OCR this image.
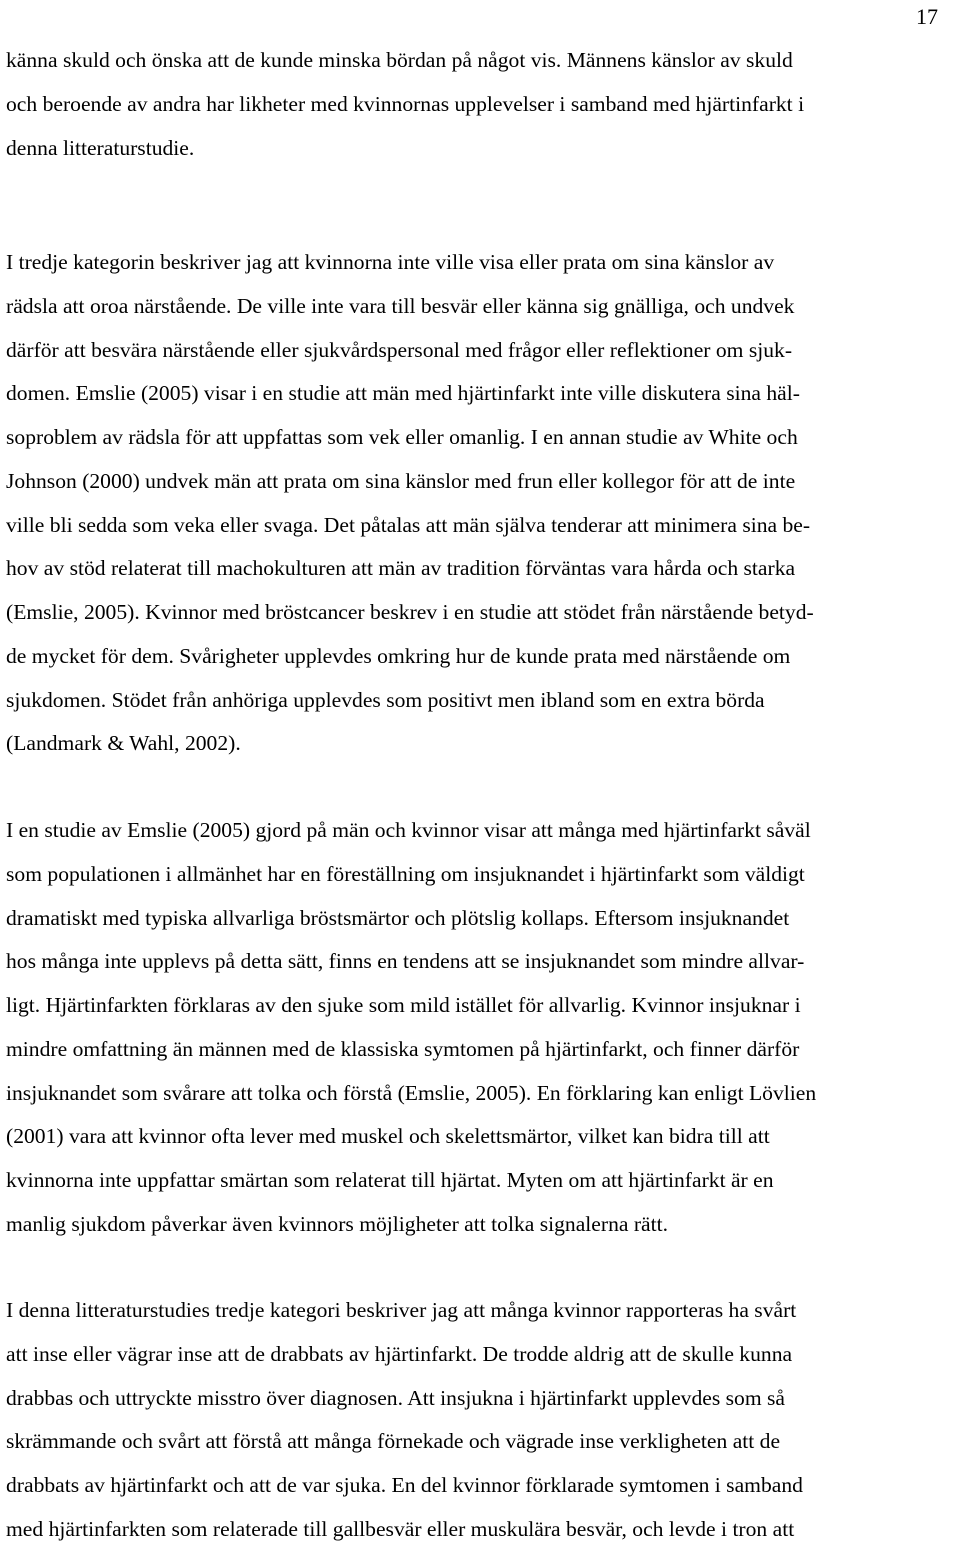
17
känna skuld och önska att de kunde minska bördan på något vis. Männens känslor av skuld
och beroende av andra har likheter med kvinnornas upplevelser i samband med hjärtinfarkt i
denna litteraturstudie.
I tredje kategorin beskriver jag att kvinnorna inte ville visa eller prata om sina känslor av
rädsla att oroa närstående. De ville inte vara till besvär eller känna sig gnälliga, och undvek
därför att besvära närstående eller sjukvårdspersonal med frågor eller reflektioner om sjuk-
domen. Emslie (2005) visar i en studie att män med hjärtinfarkt inte ville diskutera sina häl-
soproblem av rädsla för att uppfattas som vek eller omanlig. I en annan studie av White och
Johnson (2000) undvek män att prata om sina känslor med frun eller kollegor för att de inte
ville bli sedda som veka eller svaga. Det påtalas att män själva tenderar att minimera sina be-
hov av stöd relaterat till machokulturen att män av tradition förväntas vara hårda och starka
(Emslie, 2005). Kvinnor med bröstcancer beskrev i en studie att stödet från närstående betyd-
de mycket för dem. Svårigheter upplevdes omkring hur de kunde prata med närstående om
sjukdomen. Stödet från anhöriga upplevdes som positivt men ibland som en extra börda
(Landmark & Wahl, 2002).
I en studie av Emslie (2005) gjord på män och kvinnor visar att många med hjärtinfarkt såväl
som populationen i allmänhet har en föreställning om insjuknandet i hjärtinfarkt som väldigt
dramatiskt med typiska allvarliga bröstsmärtor och plötslig kollaps. Eftersom insjuknandet
hos många inte upplevs på detta sätt, finns en tendens att se insjuknandet som mindre allvar-
ligt. Hjärtinfarkten förklaras av den sjuke som mild istället för allvarlig. Kvinnor insjuknar i
mindre omfattning än männen med de klassiska symtomen på hjärtinfarkt, och finner därför
insjuknandet som svårare att tolka och förstå (Emslie, 2005). En förklaring kan enligt Lövlien
(2001) vara att kvinnor ofta lever med muskel och skelettsmärtor, vilket kan bidra till att
kvinnorna inte uppfattar smärtan som relaterat till hjärtat. Myten om att hjärtinfarkt är en
manlig sjukdom påverkar även kvinnors möjligheter att tolka signalerna rätt.
I denna litteraturstudies tredje kategori beskriver jag att många kvinnor rapporteras ha svårt
att inse eller vägrar inse att de drabbats av hjärtinfarkt. De trodde aldrig att de skulle kunna
drabbas och uttryckte misstro över diagnosen. Att insjukna i hjärtinfarkt upplevdes som så
skrämmande och svårt att förstå att många förnekade och vägrade inse verkligheten att de
drabbats av hjärtinfarkt och att de var sjuka. En del kvinnor förklarade symtomen i samband
med hjärtinfarkten som relaterade till gallbesvär eller muskulära besvär, och levde i tron att
